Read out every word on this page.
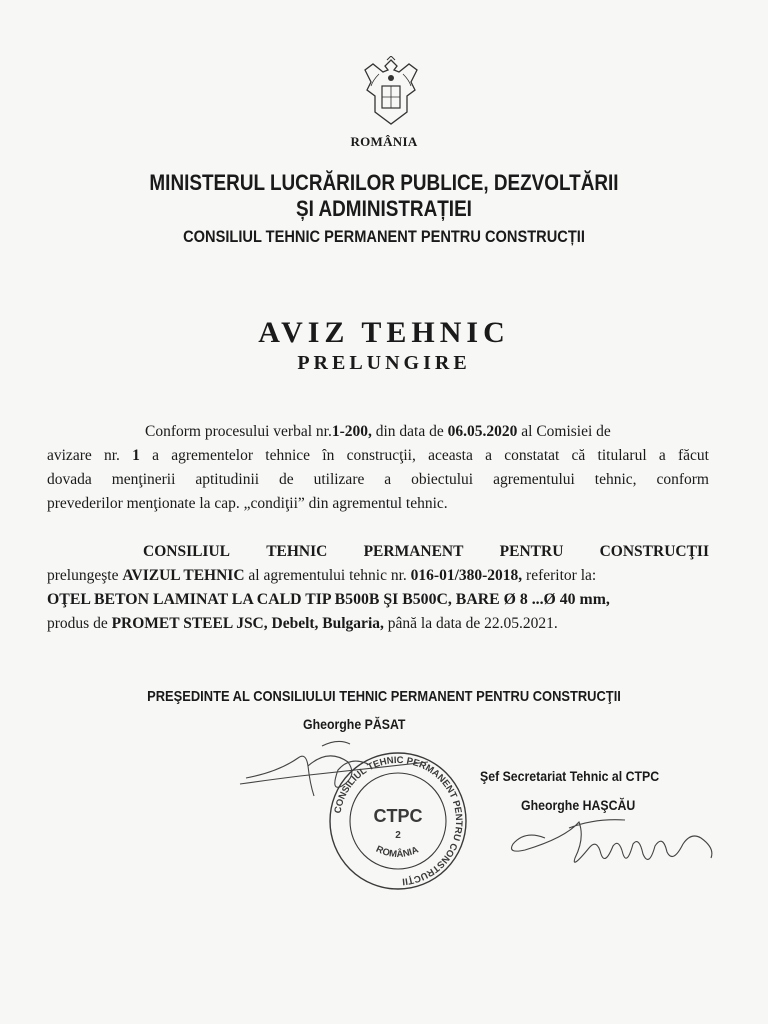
ROMÂNIA
MINISTERUL LUCRĂRILOR PUBLICE, DEZVOLTĂRII
ȘI ADMINISTRAȚIEI
CONSILIUL TEHNIC PERMANENT PENTRU CONSTRUCȚII
AVIZ TEHNIC
PRELUNGIRE
Conform procesului verbal nr.1-200, din data de 06.05.2020 al Comisiei de
avizare nr. 1 a agrementelor tehnice în construcţii, aceasta a constatat că titularul a făcut
dovada menţinerii aptitudinii de utilizare a obiectului agrementului tehnic, conform
prevederilor menţionate la cap. „condiţii” din agrementul tehnic.
CONSILIUL TEHNIC PERMANENT PENTRU CONSTRUCŢII
prelungeşte AVIZUL TEHNIC al agrementului tehnic nr. 016-01/380-2018, referitor la:
OŢEL BETON LAMINAT LA CALD TIP B500B ŞI B500C, BARE Ø 8 ...Ø 40 mm,
produs de PROMET STEEL JSC, Debelt, Bulgaria, până la data de 22.05.2021.
PREŞEDINTE AL CONSILIULUI TEHNIC PERMANENT PENTRU CONSTRUCŢII
Gheorghe PĂSAT
Şef Secretariat Tehnic al CTPC
Gheorghe HAŞCĂU
CONSILIUL TEHNIC PERMANENT PENTRU CONSTRUCŢII
ROMÂNIA
CTPC
2
